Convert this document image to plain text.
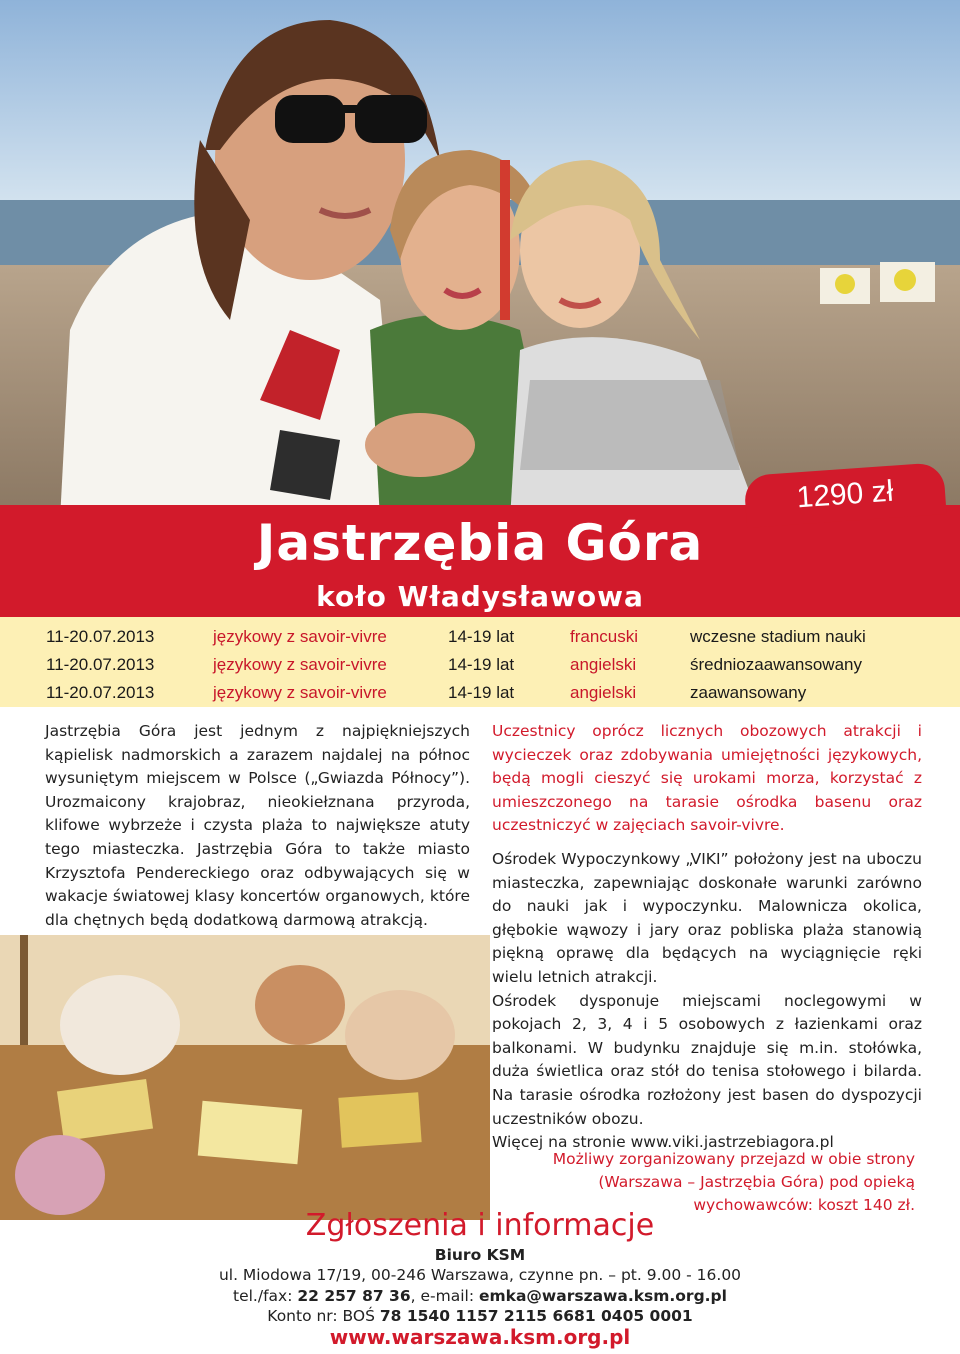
1290 zł
Jastrzębia Góra
koło Władysławowa
11-20.07.2013	językowy z savoir-vivre	14-19 lat	francuski	wczesne stadium nauki
11-20.07.2013	językowy z savoir-vivre	14-19 lat	angielski	średniozaawansowany
11-20.07.2013	językowy z savoir-vivre	14-19 lat	angielski	zaawansowany
Jastrzębia Góra jest jednym z najpiękniejszych kąpielisk nadmorskich a zarazem najdalej na północ wysuniętym miejscem w Polsce („Gwiazda Północy”). Urozmaicony krajobraz, nieokiełznana przyroda, klifowe wybrzeże i czysta plaża to największe atuty tego miasteczka. Jastrzębia Góra to także miasto Krzysztofa Pendereckiego oraz odbywających się w wakacje światowej klasy koncertów organowych, które dla chętnych będą dodatkową darmową atrakcją.
Uczestnicy oprócz licznych obozowych atrakcji i wycieczek oraz zdobywania umiejętności językowych, będą mogli cieszyć się urokami morza, korzystać z umieszczonego na tarasie ośrodka basenu oraz uczestniczyć w zajęciach savoir-vivre.
Ośrodek Wypoczynkowy „VIKI” położony jest na uboczu miasteczka, zapewniając doskonałe warunki zarówno do nauki jak i wypoczynku. Malownicza okolica, głębokie wąwozy i jary oraz pobliska plaża stanowią piękną oprawę dla będących na wyciągnięcie ręki wielu letnich atrakcji.
Ośrodek dysponuje miejscami noclegowymi w pokojach 2, 3, 4 i 5 osobowych z łazienkami oraz balkonami. W budynku znajduje się m.in. stołówka, duża świetlica oraz stół do tenisa stołowego i bilarda. Na tarasie ośrodka rozłożony jest basen do dyspozycji uczestników obozu.
Więcej na stronie www.viki.jastrzebiagora.pl
Możliwy zorganizowany przejazd w obie strony (Warszawa – Jastrzębia Góra) pod opieką wychowawców: koszt 140 zł.
Zgłoszenia i informacje
Biuro KSM
ul. Miodowa 17/19, 00-246 Warszawa, czynne pn. – pt. 9.00 - 16.00
tel./fax: 22 257 87 36, e-mail: emka@warszawa.ksm.org.pl
Konto nr: BOŚ 78 1540 1157 2115 6681 0405 0001
www.warszawa.ksm.org.pl
